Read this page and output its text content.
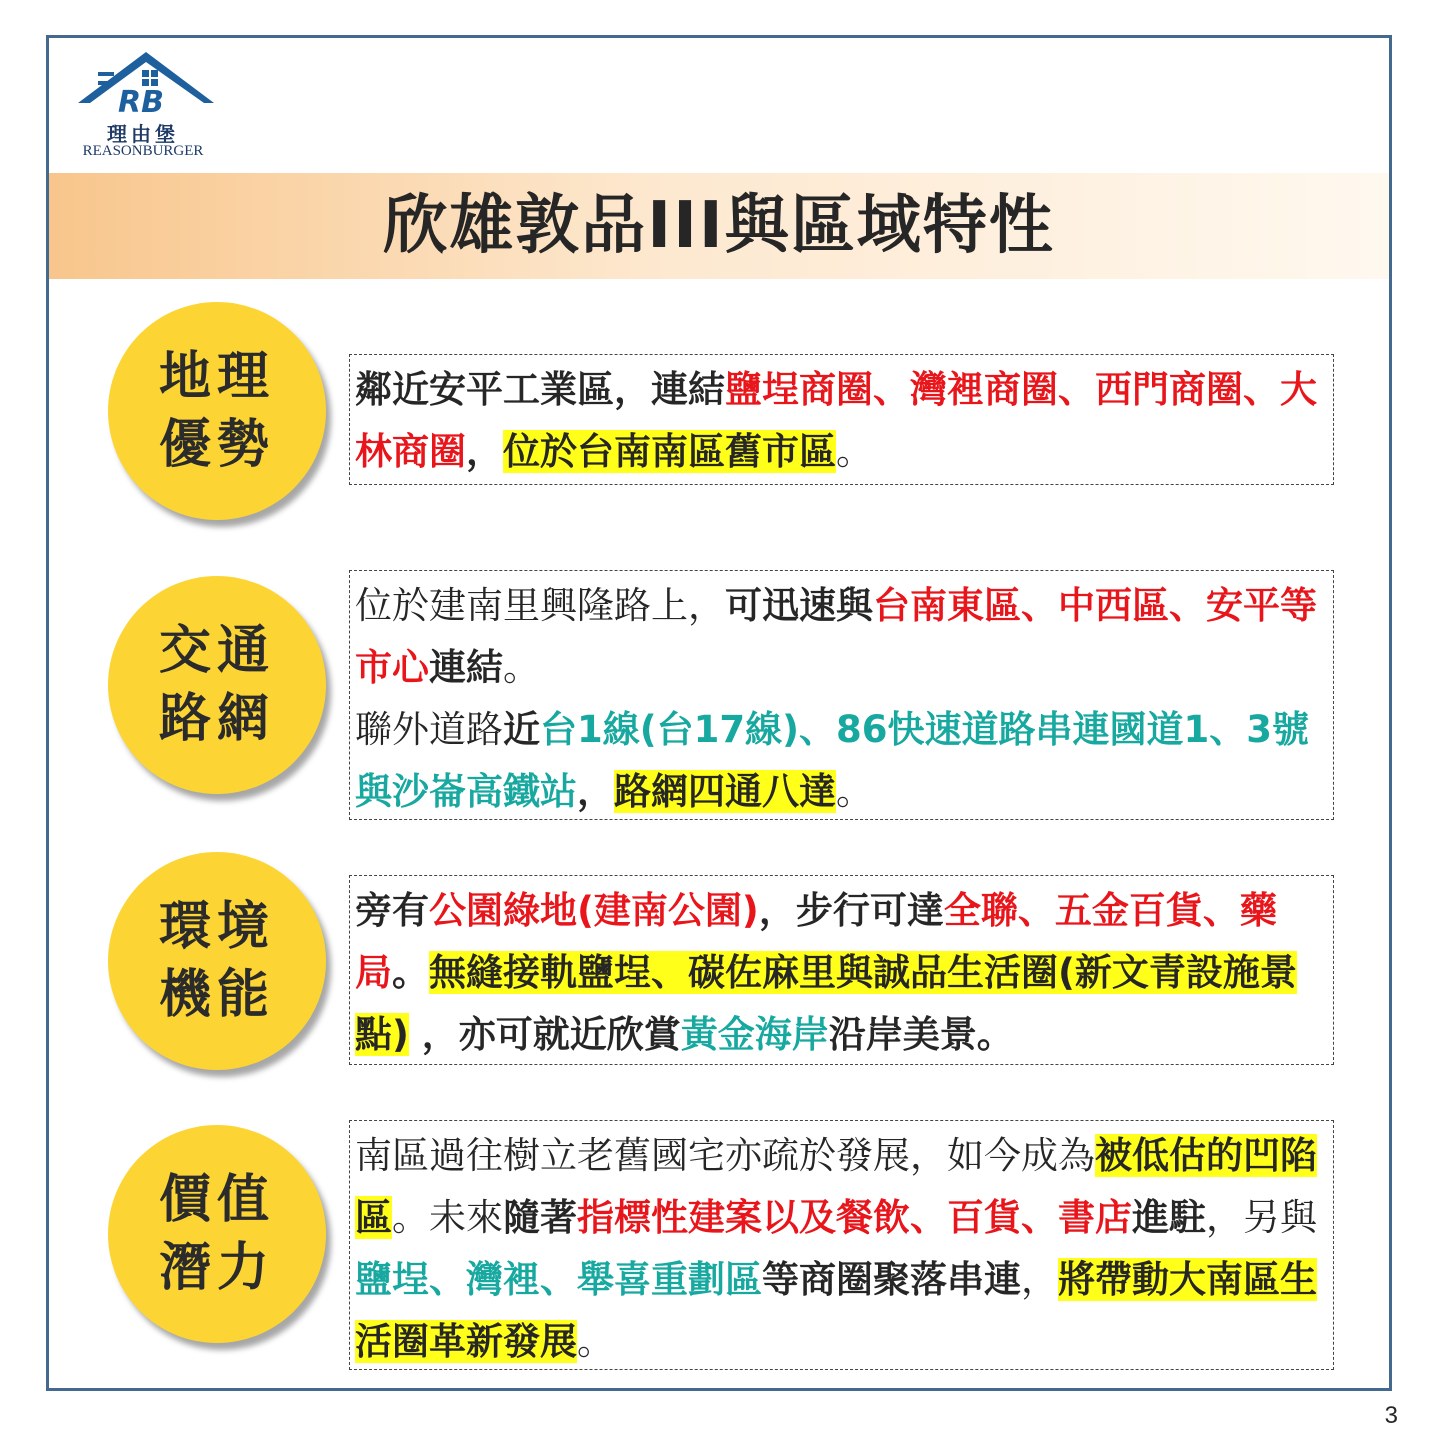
RB
理由堡
REASONBURGER
欣雄敦品III與區域特性
地理
優勢
鄰近安平工業區，連結鹽埕商圈、灣裡商圈、西門商圈、大林商圈，位於台南南區舊市區。
交通
路網
位於建南里興隆路上，可迅速與台南東區、中西區、安平等市心連結。
聯外道路近台1線(台17線)、86快速道路串連國道1、3號與沙崙高鐵站，路網四通八達。
環境
機能
旁有公園綠地(建南公園)，步行可達全聯、五金百貨、藥局。無縫接軌鹽埕、碳佐麻里與誠品生活圈(新文青設施景點) ，亦可就近欣賞黃金海岸沿岸美景。
價值
潛力
南區過往樹立老舊國宅亦疏於發展，如今成為被低估的凹陷區。未來隨著指標性建案以及餐飲、百貨、書店進駐，另與鹽埕、灣裡、舉喜重劃區等商圈聚落串連，將帶動大南區生活圈革新發展。
3
